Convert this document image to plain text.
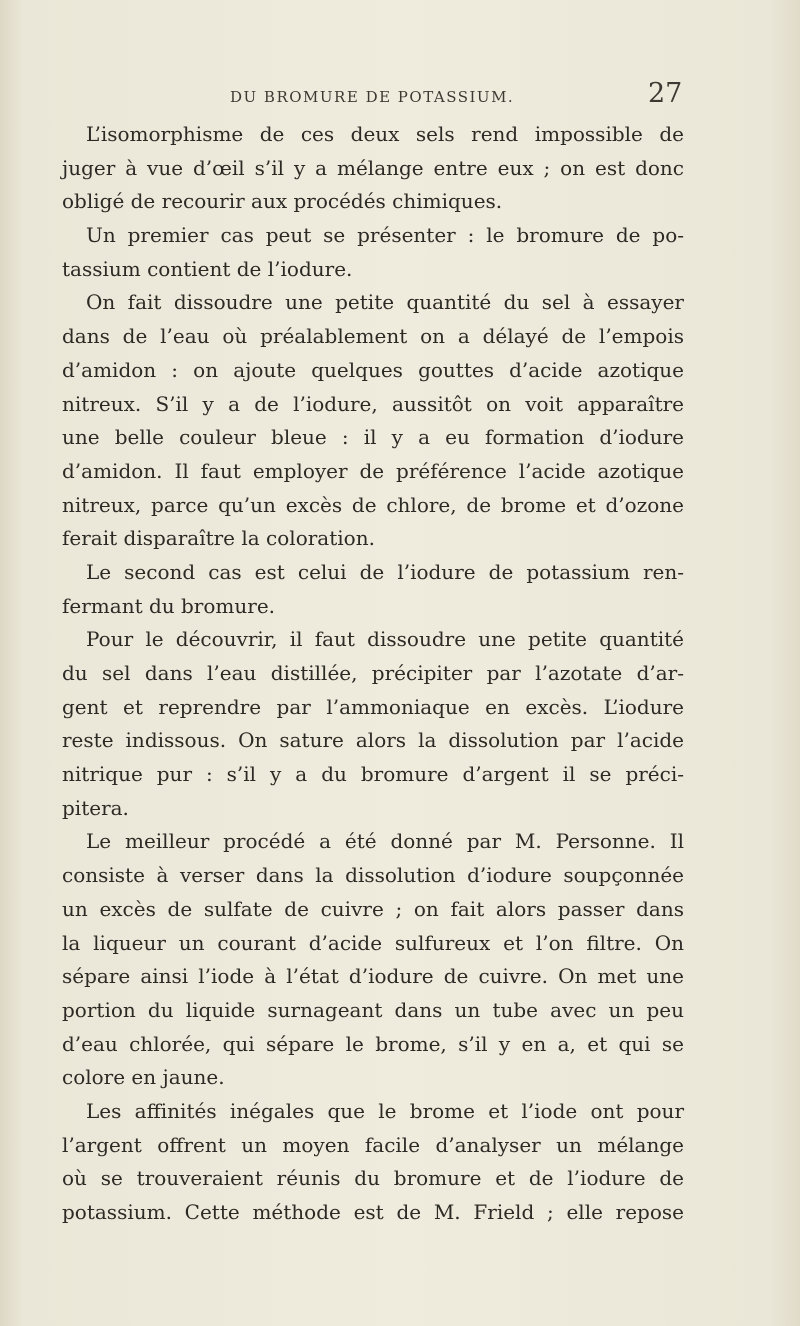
DU BROMURE DE POTASSIUM.	27
L’isomorphisme de ces deux sels rend impossible de
juger à vue d’œil s’il y a mélange entre eux ; on est donc
obligé de recourir aux procédés chimiques.
Un premier cas peut se présenter : le bromure de po-
tassium contient de l’iodure.
On fait dissoudre une petite quantité du sel à essayer
dans de l’eau où préalablement on a délayé de l’empois
d’amidon : on ajoute quelques gouttes d’acide azotique
nitreux. S’il y a de l’iodure, aussitôt on voit apparaître
une belle couleur bleue : il y a eu formation d’iodure
d’amidon. Il faut employer de préférence l’acide azotique
nitreux, parce qu’un excès de chlore, de brome et d’ozone
ferait disparaître la coloration.
Le second cas est celui de l’iodure de potassium ren-
fermant du bromure.
Pour le découvrir, il faut dissoudre une petite quantité
du sel dans l’eau distillée, précipiter par l’azotate d’ar-
gent et reprendre par l’ammoniaque en excès. L’iodure
reste indissous. On sature alors la dissolution par l’acide
nitrique pur : s’il y a du bromure d’argent il se préci-
pitera.
Le meilleur procédé a été donné par M. Personne. Il
consiste à verser dans la dissolution d’iodure soupçonnée
un excès de sulfate de cuivre ; on fait alors passer dans
la liqueur un courant d’acide sulfureux et l’on filtre. On
sépare ainsi l’iode à l’état d’iodure de cuivre. On met une
portion du liquide surnageant dans un tube avec un peu
d’eau chlorée, qui sépare le brome, s’il y en a, et qui se
colore en jaune.
Les affinités inégales que le brome et l’iode ont pour
l’argent offrent un moyen facile d’analyser un mélange
où se trouveraient réunis du bromure et de l’iodure de
potassium. Cette méthode est de M. Frield ; elle repose
